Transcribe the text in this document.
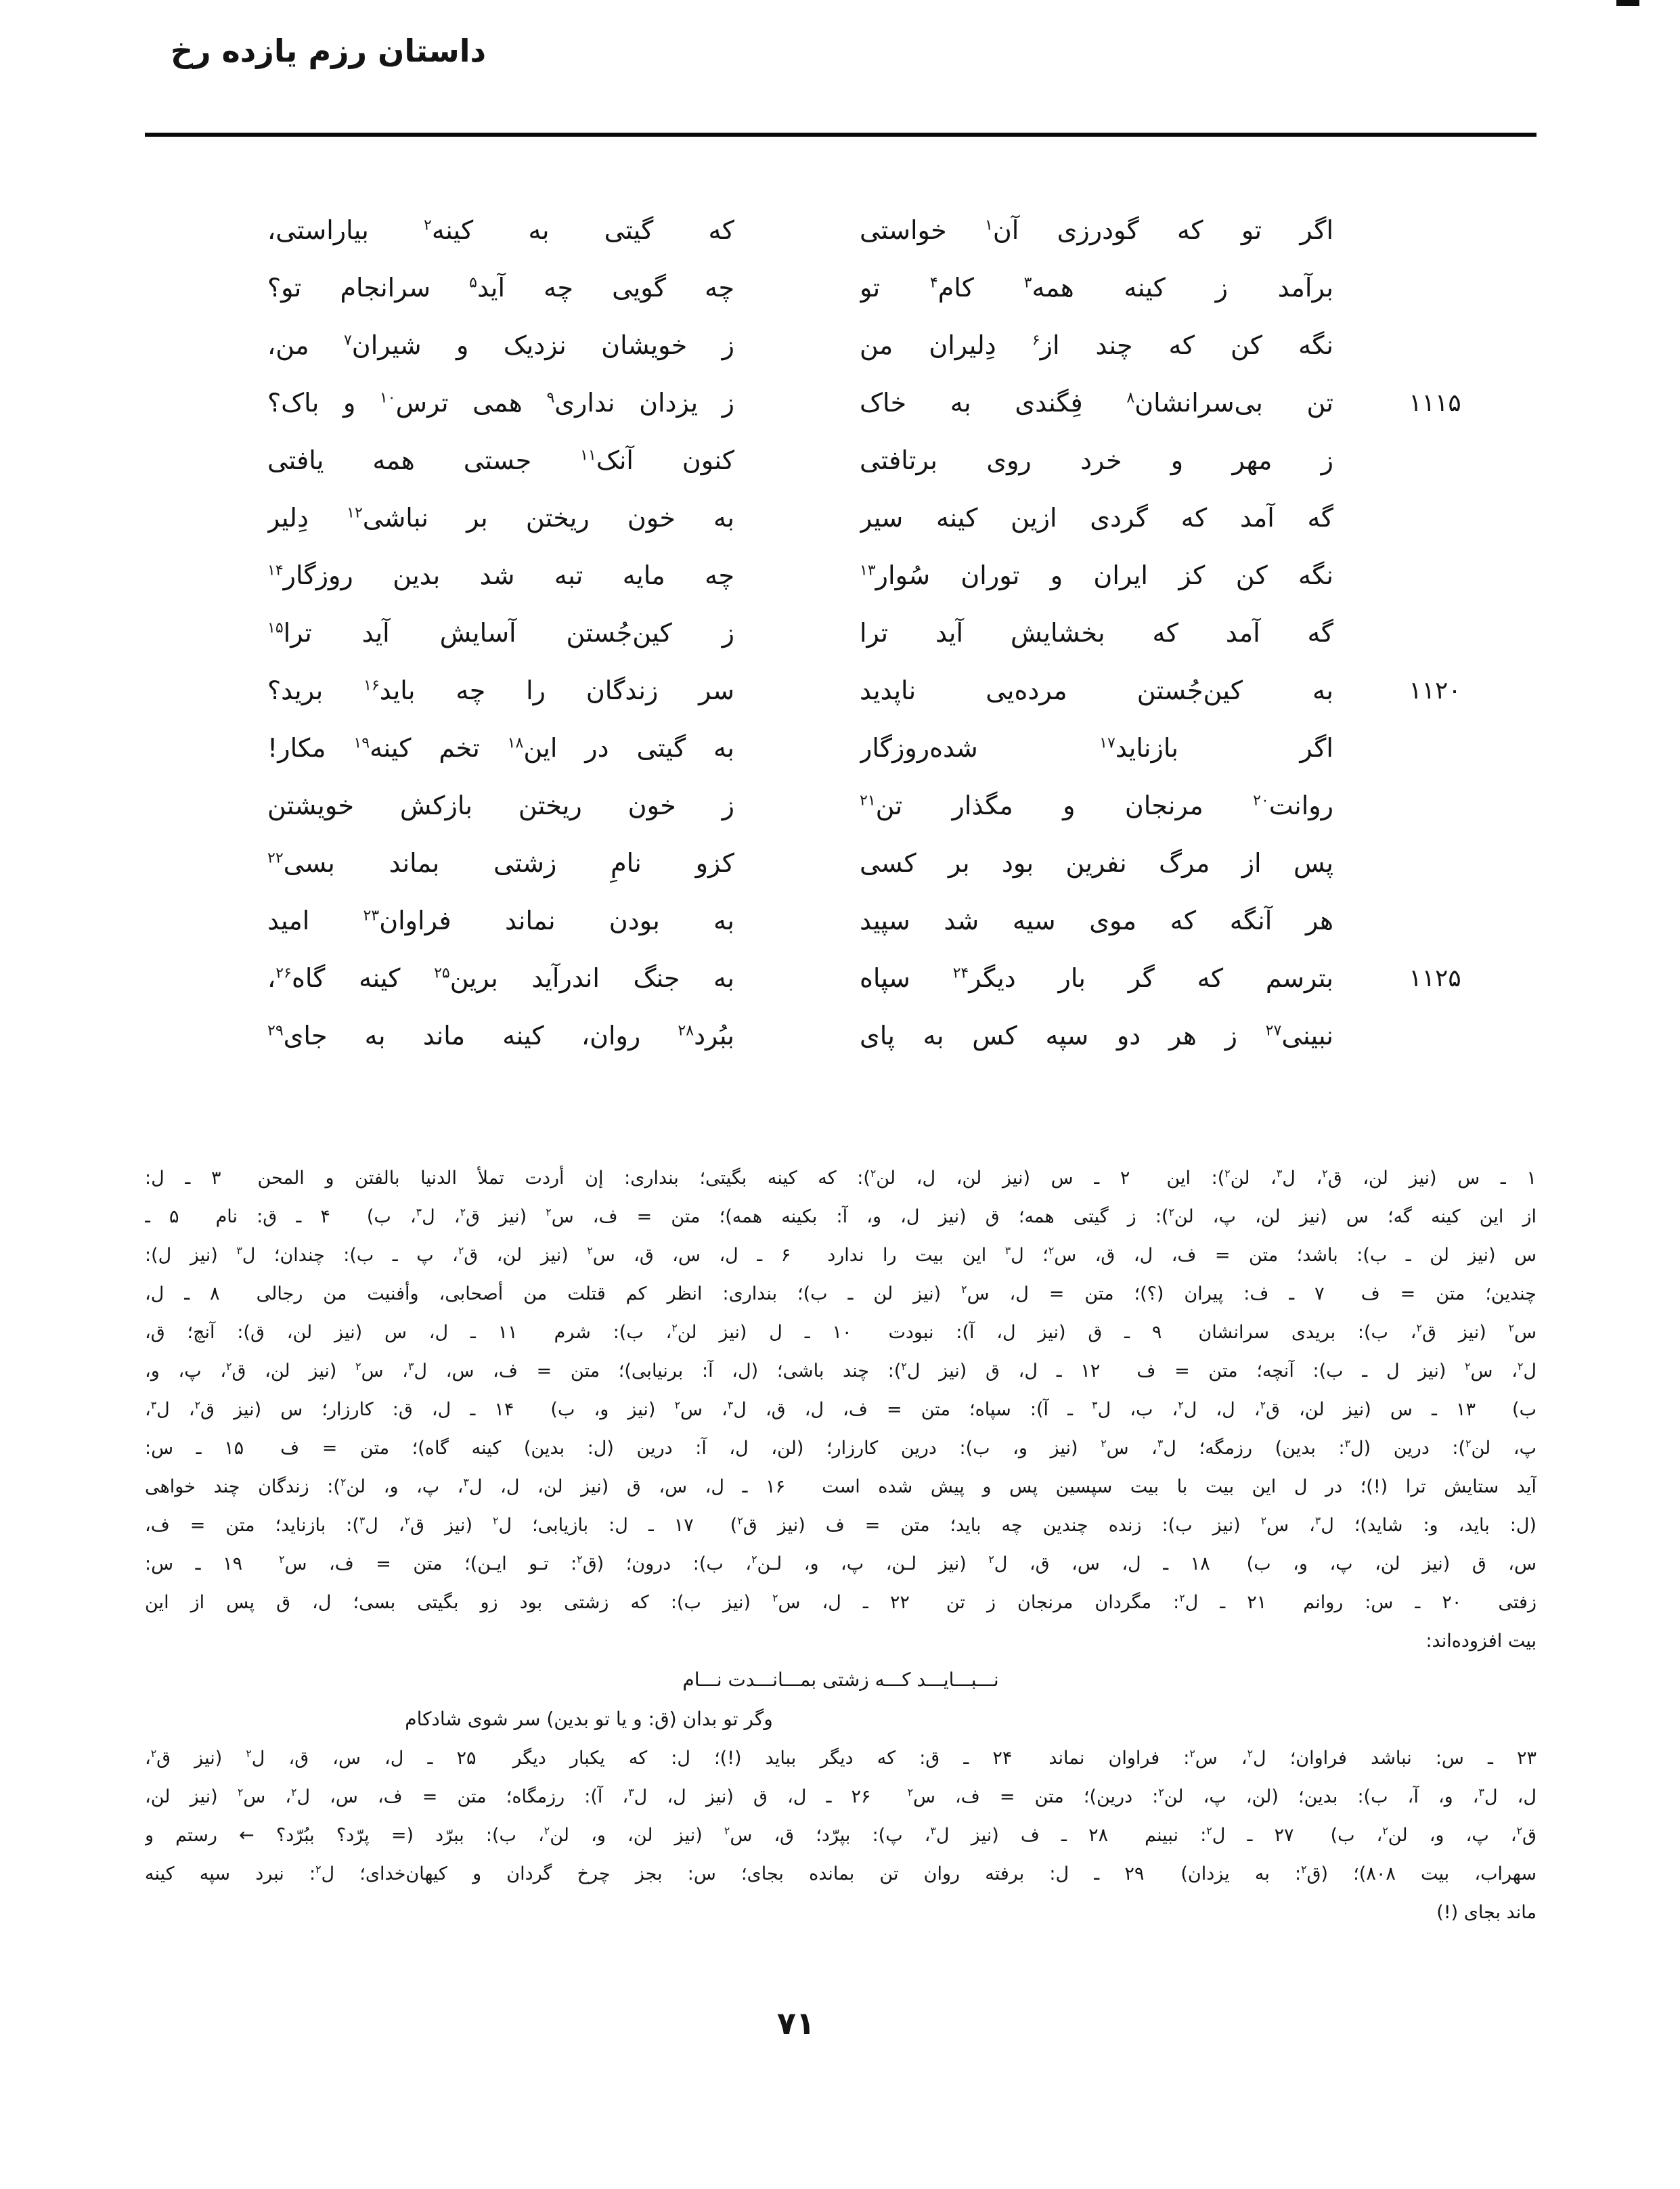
داستان رزم یازده رخ
اگر تو که گودرزی آن$^۱$ خواستی
که گیتی به کینه$^۲$ بیاراستی،
برآمد ز کینه همه$^۳$ کام$^۴$ تو
چه گویی چه آید$^۵$ سرانجام تو؟
نگه کن که چند از$^۶$ دِلیران من
ز خویشان نزدیک و شیران$^۷$ من،
۱۱۱۵
تن بی‌سرانشان$^۸$ فِگندی به خاک
ز یزدان نداری$^۹$ همی ترس$^{۱۰}$ و باک؟
ز مهر و خرد روی برتافتی
کنون آنک$^{۱۱}$ جستی همه یافتی
گه آمد که گردی ازین کینه سیر
به خون ریختن بر نباشی$^{۱۲}$ دِلیر
نگه کن کز ایران و توران سُوار$^{۱۳}$
چه مایه تبه شد بدین روزگار$^{۱۴}$
گه آمد که بخشایش آید ترا
ز کین‌جُستن آسایش آید ترا$^{۱۵}$
۱۱۲۰
به کین‌جُستن مرده‌یی ناپدید
سر زندگان را چه باید$^{۱۶}$ برید؟
اگر بازناید$^{۱۷}$ شده‌روزگار
به گیتی در این$^{۱۸}$ تخم کینه$^{۱۹}$ مکار!
روانت$^{۲۰}$ مرنجان و مگذار تن$^{۲۱}$
ز خون ریختن بازکش خویشتن
پس از مرگ نفرین بود بر کسی
کزو نامِ زشتی بماند بسی$^{۲۲}$
هر آنگه که موی سیه شد سپید
به بودن نماند فراوان$^{۲۳}$ امید
۱۱۲۵
بترسم که گر بار دیگر$^{۲۴}$ سپاه
به جنگ اندرآید برین$^{۲۵}$ کینه گاه$^{۲۶}$،
نبینی$^{۲۷}$ ز هر دو سپه کس به پای
ببُرد$^{۲۸}$ روان، کینه ماند به جای$^{۲۹}$
۱ ـ س (نیز لن، ق$^۲$، ل$^۳$، لن$^۲$): این  ۲ ـ س (نیز لن، ل، لن$^۲$): که کینه بگیتی؛ بنداری: إن أردت تملأ الدنیا بالفتن و المحن  ۳ ـ ل:
از این کینه گه؛ س (نیز لن، پ، لن$^۲$): ز گیتی همه؛ ق (نیز ل، و، آ: بکینه همه)؛ متن = ف، س$^۲$ (نیز ق$^۲$، ل$^۳$، ب)  ۴ ـ ق: نام  ۵ ـ
س (نیز لن ـ ب): باشد؛ متن = ف، ل، ق، س$^۲$؛ ل$^۳$ این بیت را ندارد  ۶ ـ ل، س، ق، س$^۲$ (نیز لن، ق$^۲$، پ ـ ب): چندان؛ ل$^۳$ (نیز ل):
چندین؛ متن = ف  ۷ ـ ف: پیران (؟)؛ متن = ل، س$^۲$ (نیز لن ـ ب)؛ بنداری: انظر کم قتلت من أصحابی، وأفنیت من رجالی  ۸ ـ ل،
س$^۲$ (نیز ق$^۲$، ب): بریدی سرانشان  ۹ ـ ق (نیز ل، آ): نبودت  ۱۰ ـ ل (نیز لن$^۲$، ب): شرم  ۱۱ ـ ل، س (نیز لن، ق): آنچ؛ ق،
ل$^۲$، س$^۲$ (نیز ل ـ ب): آنچه؛ متن = ف  ۱۲ ـ ل، ق (نیز ل$^۲$): چند باشی؛ (ل، آ: برنیابی)؛ متن = ف، س، ل$^۳$، س$^۲$ (نیز لن، ق$^۲$، پ، و،
ب)  ۱۳ ـ س (نیز لن، ق$^۲$، ل، ل$^۲$، ب، ل$^۳$ ـ آ): سپاه؛ متن = ف، ل، ق، ل$^۳$، س$^۲$ (نیز و، ب)  ۱۴ ـ ل، ق: کارزار؛ س (نیز ق$^۲$، ل$^۳$،
پ، لن$^۲$): درین (ل$^۳$: بدین) رزمگه؛ ل$^۳$، س$^۲$ (نیز و، ب): درین کارزار؛ (لن، ل، آ: درین (ل: بدین) کینه گاه)؛ متن = ف  ۱۵ ـ س:
آید ستایش ترا (!)؛ در ل این بیت با بیت سپسین پس و پیش شده است  ۱۶ ـ ل، س، ق (نیز لن، ل، ل$^۳$، پ، و، لن$^۲$): زندگان چند خواهی
(ل: باید، و: شاید)؛ ل$^۳$، س$^۲$ (نیز ب): زنده چندین چه باید؛ متن = ف (نیز ق$^۲$)  ۱۷ ـ ل: بازیابی؛ ل$^۲$ (نیز ق$^۲$، ل$^۳$): بازناید؛ متن = ف،
س، ق (نیز لن، پ، و، ب)  ۱۸ ـ ل، س، ق، ل$^۲$ (نیز لـن، پ، و، لـن$^۲$، ب): درون؛ (ق$^۲$: تـو ایـن)؛ متن = ف، س$^۲$  ۱۹ ـ س:
زفتی  ۲۰ ـ س: روانم  ۲۱ ـ ل$^۲$: مگردان مرنجان ز تن  ۲۲ ـ ل، س$^۲$ (نیز ب): که زشتی بود زو بگیتی بسی؛ ل، ق پس از این
بیت افزوده‌اند:
نـــبـــایـــد کـــه زشتی بمـــانـــدت نـــام
وگر تو بدان (ق: و یا تو بدین) سر شوی شادکام
۲۳ ـ س: نباشد فراوان؛ ل$^۲$، س$^۲$: فراوان نماند  ۲۴ ـ ق: که دیگر بباید (!)؛ ل: که یکبار دیگر  ۲۵ ـ ل، س، ق، ل$^۲$ (نیز ق$^۲$،
ل، ل$^۳$، و، آ، ب): بدین؛ (لن، پ، لن$^۲$: درین)؛ متن = ف، س$^۲$  ۲۶ ـ ل، ق (نیز ل، ل$^۳$، آ): رزمگاه؛ متن = ف، س، ل$^۲$، س$^۲$ (نیز لن،
ق$^۲$، پ، و، لن$^۲$، ب)  ۲۷ ـ ل$^۲$: نبینم  ۲۸ ـ ف (نیز ل$^۳$، پ): بپرّد؛ ق، س$^۲$ (نیز لن، و، لن$^۲$، ب): ببرّد (= پرّد؟ ببُرّد؟ ← رستم و
سهراب، بیت ۸۰۸)؛ (ق$^۲$: به یزدان)  ۲۹ ـ ل: برفته روان تن بمانده بجای؛ س: بجز چرخ گردان و کیهان‌خدای؛ ل$^۲$: نبرد سپه کینه
ماند بجای (!)
۷۱
